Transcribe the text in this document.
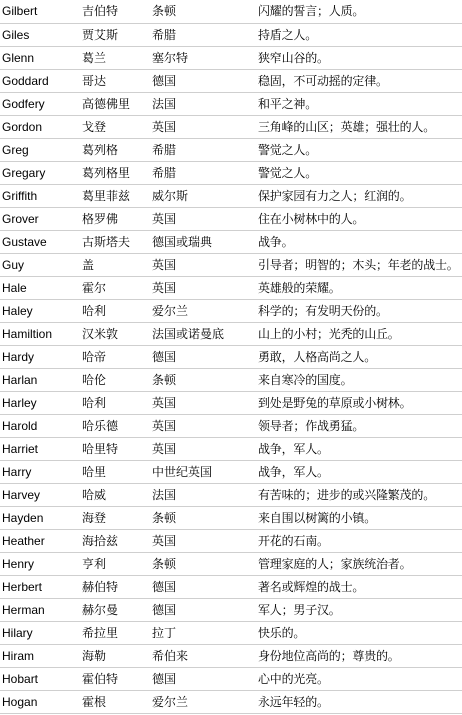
Gilbert	吉伯特	条顿	闪耀的誓言；人质。
Giles	贾艾斯	希腊	持盾之人。
Glenn	葛兰	塞尔特	狭窄山谷的。
Goddard	哥达	德国	稳固，不可动摇的定律。
Godfery	高德佛里	法国	和平之神。
Gordon	戈登	英国	三角峰的山区；英雄；强壮的人。
Greg	葛列格	希腊	警觉之人。
Gregary	葛列格里	希腊	警觉之人。
Griffith	葛里菲兹	威尔斯	保护家园有力之人；红润的。
Grover	格罗佛	英国	住在小树林中的人。
Gustave	古斯塔夫	德国或瑞典	战争。
Guy	盖	英国	引导者；明智的；木头；年老的战士。
Hale	霍尔	英国	英雄般的荣耀。
Haley	哈利	爱尔兰	科学的；有发明天份的。
Hamiltion	汉米敦	法国或诺曼底	山上的小村；光秃的山丘。
Hardy	哈帝	德国	勇敢，人格高尚之人。
Harlan	哈伦	条顿	来自寒冷的国度。
Harley	哈利	英国	到处是野兔的草原或小树林。
Harold	哈乐德	英国	领导者；作战勇猛。
Harriet	哈里特	英国	战争，军人。
Harry	哈里	中世纪英国	战争，军人。
Harvey	哈威	法国	有苦味的；进步的或兴隆繁茂的。
Hayden	海登	条顿	来自围以树篱的小镇。
Heather	海拾兹	英国	开花的石南。
Henry	亨利	条顿	管理家庭的人；家族统治者。
Herbert	赫伯特	德国	著名或辉煌的战士。
Herman	赫尔曼	德国	军人；男子汉。
Hilary	希拉里	拉丁	快乐的。
Hiram	海勒	希伯来	身份地位高尚的；尊贵的。
Hobart	霍伯特	德国	心中的光亮。
Hogan	霍根	爱尔兰	永远年轻的。
